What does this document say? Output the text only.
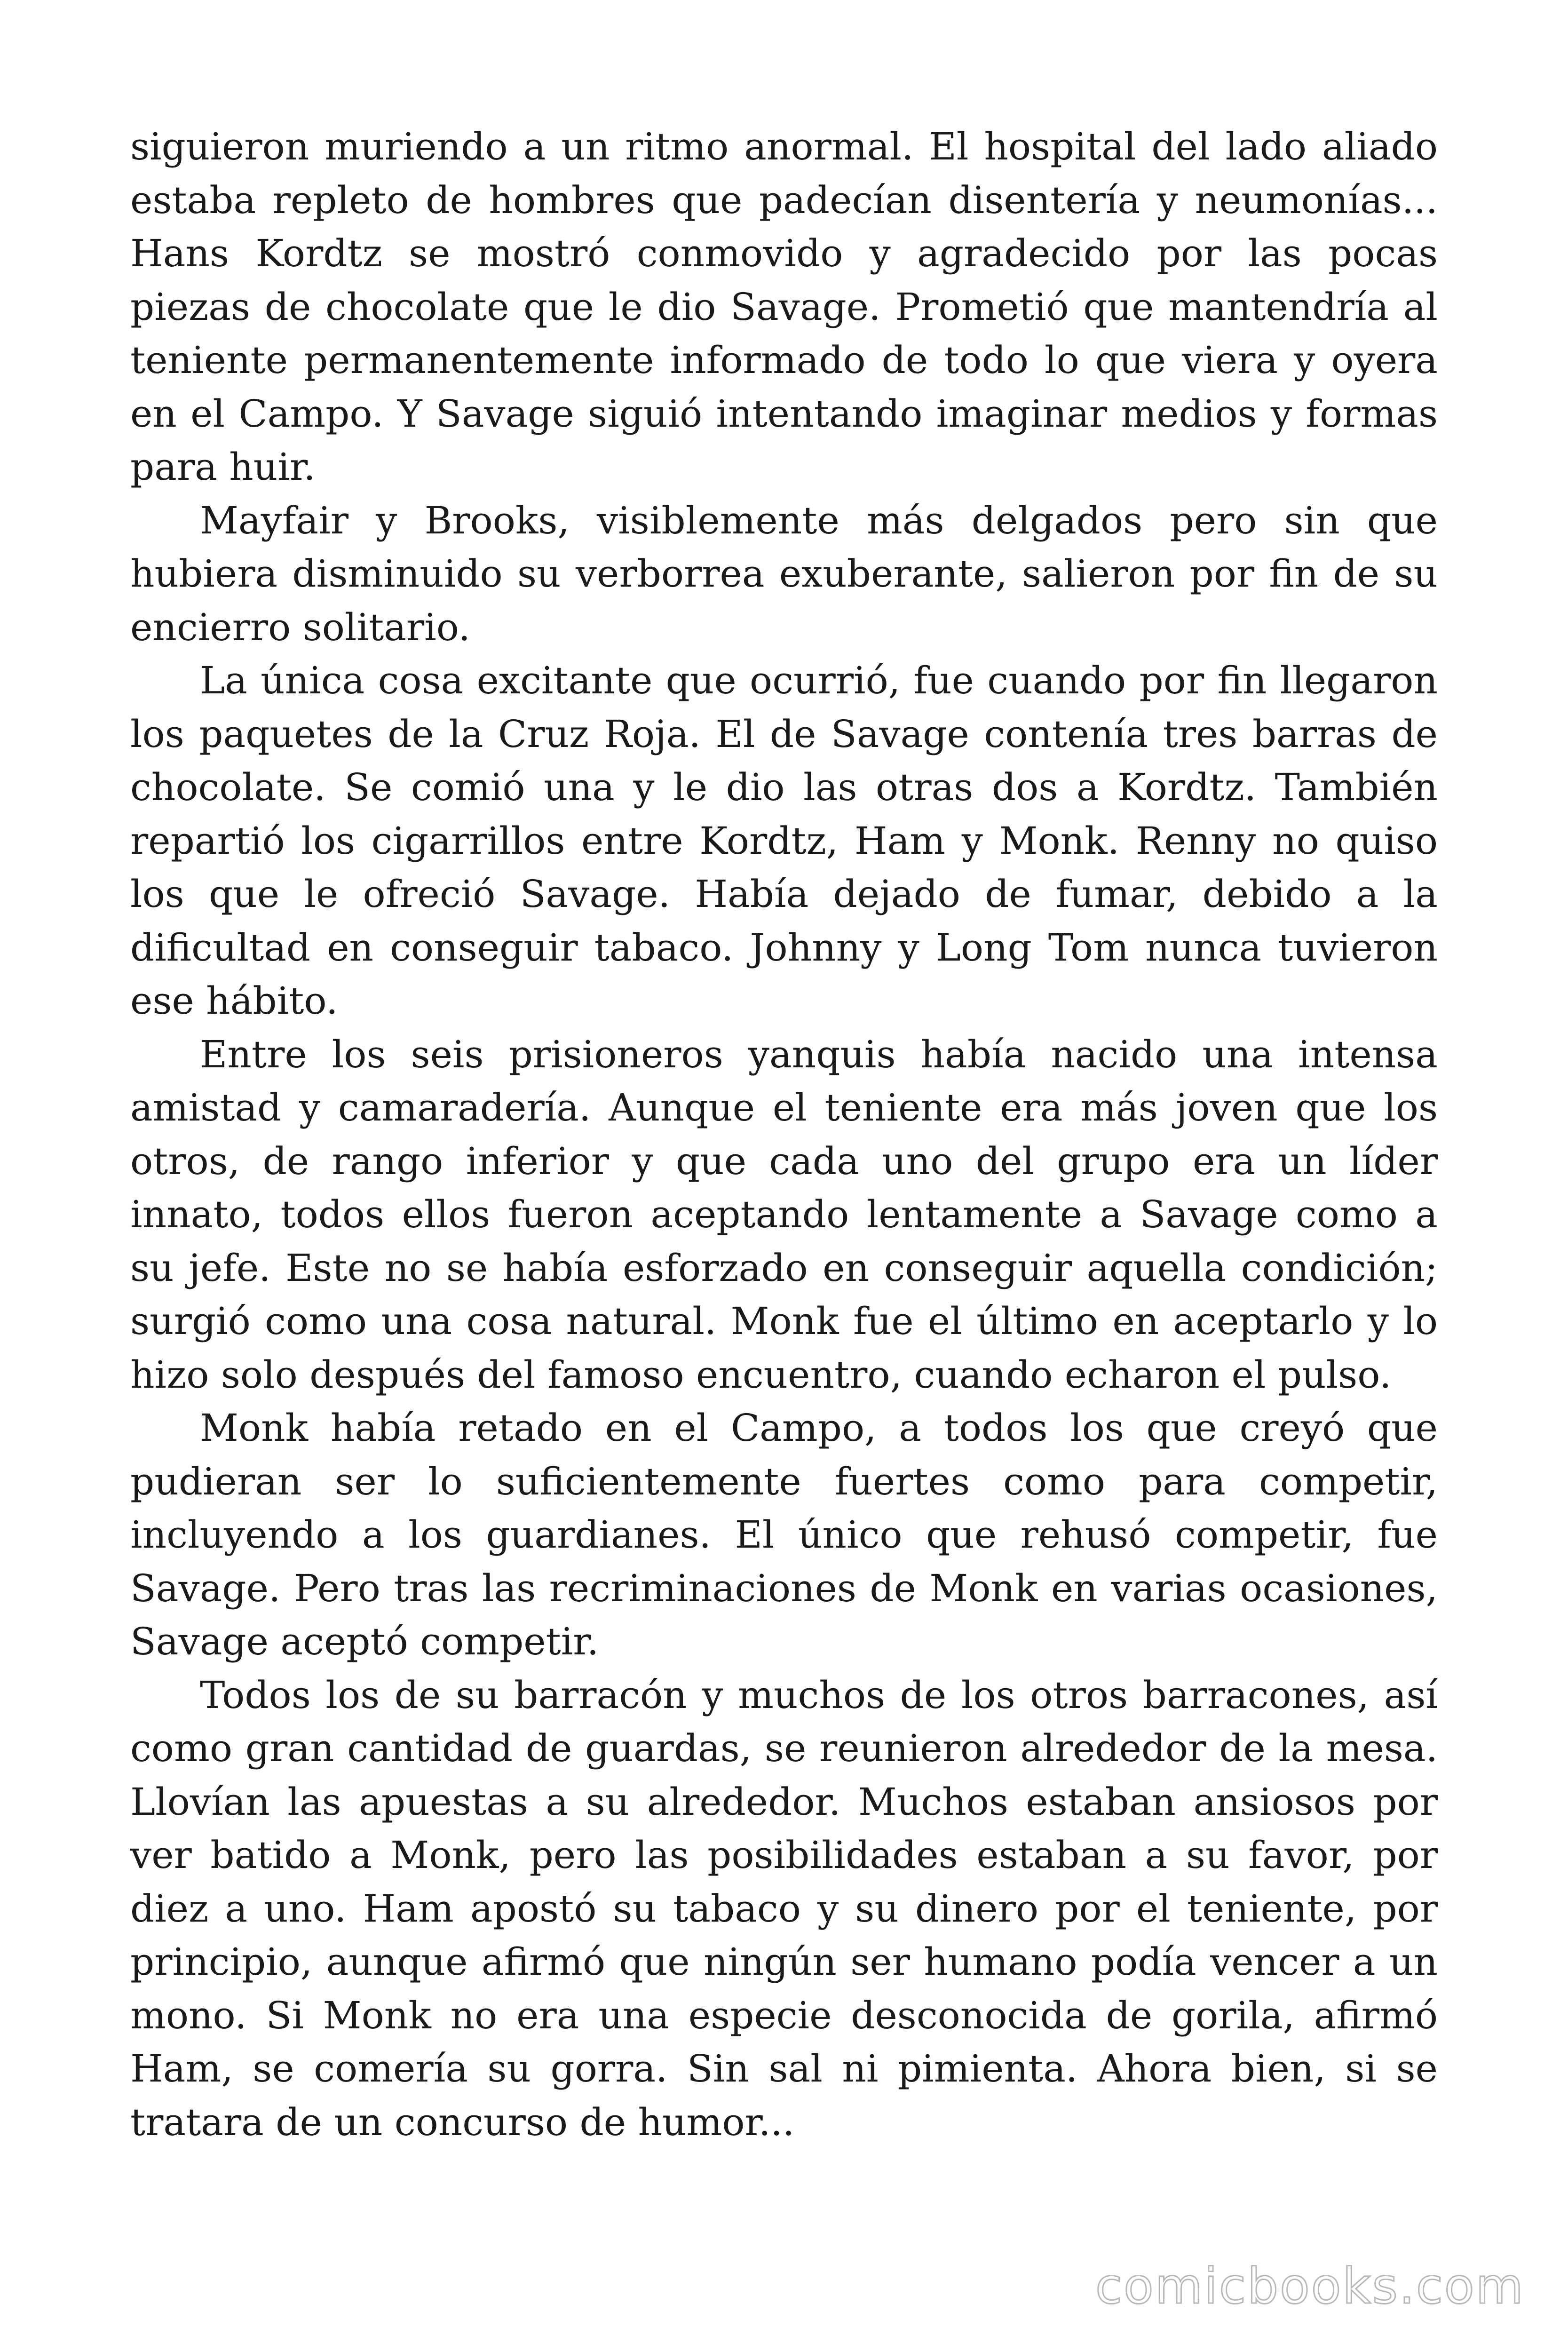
siguieron muriendo a un ritmo anormal. El hospital del lado aliado estaba repleto de hombres que padecían disentería y neumonías... Hans Kordtz se mostró conmovido y agradecido por las pocas piezas de chocolate que le dio Savage. Prometió que mantendría al teniente permanentemente informado de todo lo que viera y oyera en el Campo. Y Savage siguió intentando imaginar medios y formas para huir.

Mayfair y Brooks, visiblemente más delgados pero sin que hubiera disminuido su verborrea exuberante, salieron por fin de su encierro solitario.

La única cosa excitante que ocurrió, fue cuando por fin llegaron los paquetes de la Cruz Roja. El de Savage contenía tres barras de chocolate. Se comió una y le dio las otras dos a Kordtz. También repartió los cigarrillos entre Kordtz, Ham y Monk. Renny no quiso los que le ofreció Savage. Había dejado de fumar, debido a la dificultad en conseguir tabaco. Johnny y Long Tom nunca tuvieron ese hábito.

Entre los seis prisioneros yanquis había nacido una intensa amistad y camaradería. Aunque el teniente era más joven que los otros, de rango inferior y que cada uno del grupo era un líder innato, todos ellos fueron aceptando lentamente a Savage como a su jefe. Este no se había esforzado en conseguir aquella condición; surgió como una cosa natural. Monk fue el último en aceptarlo y lo hizo solo después del famoso encuentro, cuando echaron el pulso.

Monk había retado en el Campo, a todos los que creyó que pudieran ser lo suficientemente fuertes como para competir, incluyendo a los guardianes. El único que rehusó competir, fue Savage. Pero tras las recriminaciones de Monk en varias ocasiones, Savage aceptó competir.

Todos los de su barracón y muchos de los otros barracones, así como gran cantidad de guardas, se reunieron alrededor de la mesa. Llovían las apuestas a su alrededor. Muchos estaban ansiosos por ver batido a Monk, pero las posibilidades estaban a su favor, por diez a uno. Ham apostó su tabaco y su dinero por el teniente, por principio, aunque afirmó que ningún ser humano podía vencer a un mono. Si Monk no era una especie desconocida de gorila, afirmó Ham, se comería su gorra. Sin sal ni pimienta. Ahora bien, si se tratara de un concurso de humor...

comicbooks.com
